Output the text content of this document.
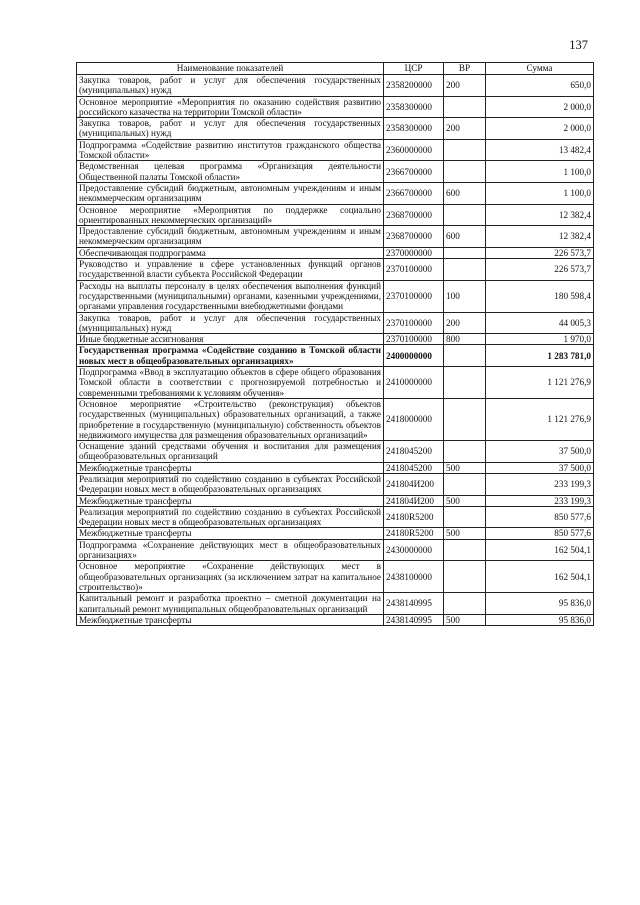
137
Наименование показателей	ЦСР	ВР	Сумма
Закупка товаров, работ и услуг для обеспечения государственных (муниципальных) нужд	2358200000	200	650,0
Основное мероприятие «Мероприятия по оказанию содействия развитию российского казачества на территории Томской области»	2358300000		2 000,0
Закупка товаров, работ и услуг для обеспечения государственных (муниципальных) нужд	2358300000	200	2 000,0
Подпрограмма «Содействие развитию институтов гражданского общества Томской области»	2360000000		13 482,4
Ведомственная целевая программа «Организация деятельности Общественной палаты Томской области»	2366700000		1 100,0
Предоставление субсидий бюджетным, автономным учреждениям и иным некоммерческим организациям	2366700000	600	1 100,0
Основное мероприятие «Мероприятия по поддержке социально ориентированных некоммерческих организаций»	2368700000		12 382,4
Предоставление субсидий бюджетным, автономным учреждениям и иным некоммерческим организациям	2368700000	600	12 382,4
Обеспечивающая подпрограмма	2370000000		226 573,7
Руководство и управление в сфере установленных функций органов государственной власти субъекта Российской Федерации	2370100000		226 573,7
Расходы на выплаты персоналу в целях обеспечения выполнения функций государственными (муниципальными) органами, казенными учреждениями, органами управления государственными внебюджетными фондами	2370100000	100	180 598,4
Закупка товаров, работ и услуг для обеспечения государственных (муниципальных) нужд	2370100000	200	44 005,3
Иные бюджетные ассигнования	2370100000	800	1 970,0
Государственная программа «Содействие созданию в Томской области новых мест в общеобразовательных организациях»	2400000000		1 283 781,0
Подпрограмма «Ввод в эксплуатацию объектов в сфере общего образования Томской области в соответствии с прогнозируемой потребностью и современными требованиями к условиям обучения»	2410000000		1 121 276,9
Основное мероприятие «Строительство (реконструкция) объектов государственных (муниципальных) образовательных организаций, а также приобретение в государственную (муниципальную) собственность объектов недвижимого имущества для размещения образовательных организаций»	2418000000		1 121 276,9
Оснащение зданий средствами обучения и воспитания для размещения общеобразовательных организаций	2418045200		37 500,0
Межбюджетные трансферты	2418045200	500	37 500,0
Реализация мероприятий по содействию созданию в субъектах Российской Федерации новых мест в общеобразовательных организациях	241804И200		233 199,3
Межбюджетные трансферты	241804И200	500	233 199,3
Реализация мероприятий по содействию созданию в субъектах Российской Федерации новых мест в общеобразовательных организациях	24180R5200		850 577,6
Межбюджетные трансферты	24180R5200	500	850 577,6
Подпрограмма «Сохранение действующих мест в общеобразовательных организациях»	2430000000		162 504,1
Основное мероприятие «Сохранение действующих мест в общеобразовательных организациях (за исключением затрат на капитальное строительство)»	2438100000		162 504,1
Капитальный ремонт и разработка проектно – сметной документации на капитальный ремонт муниципальных общеобразовательных организаций	2438140995		95 836,0
Межбюджетные трансферты	2438140995	500	95 836,0
